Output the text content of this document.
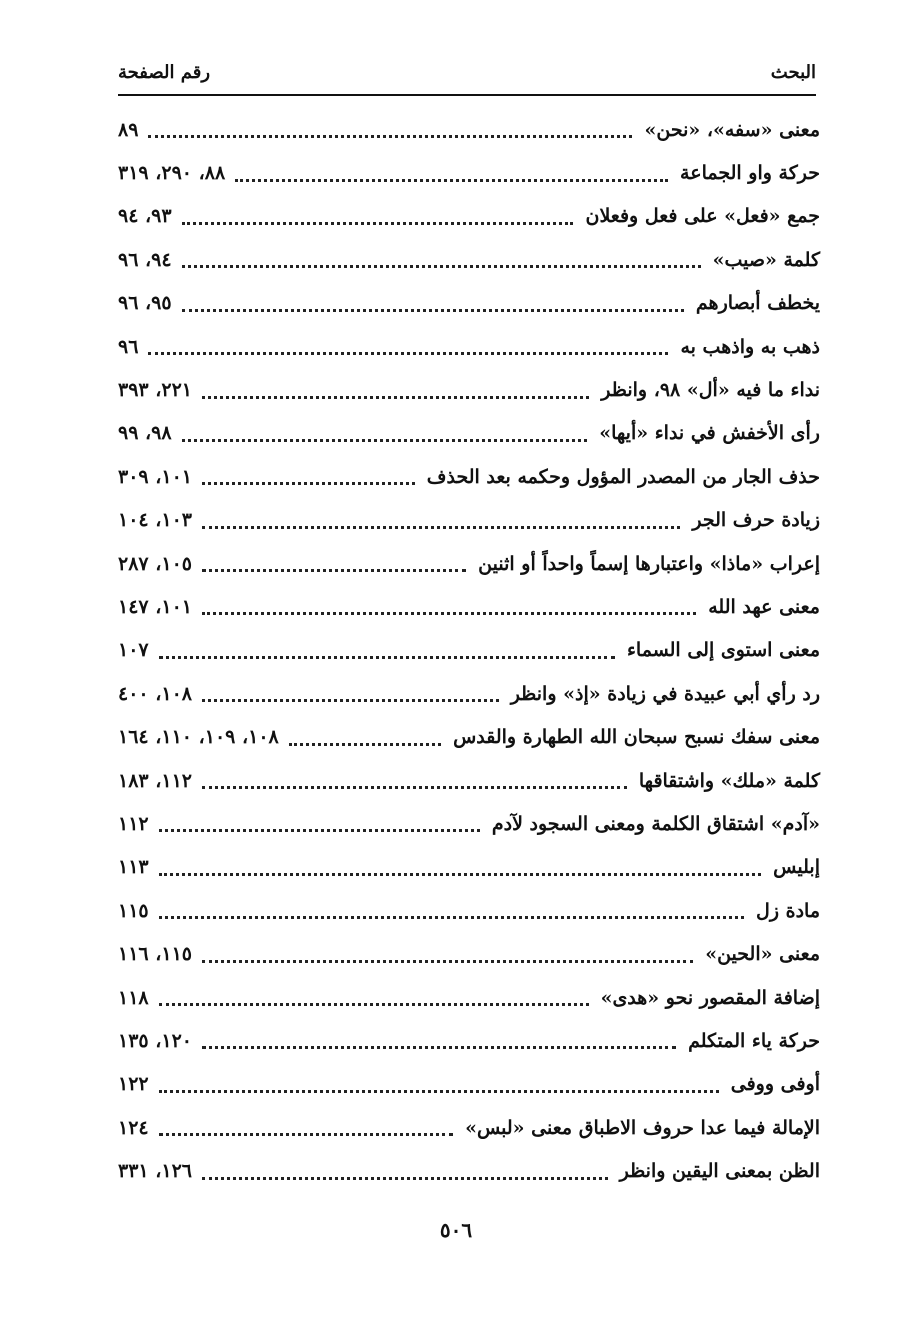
البحث
رقم الصفحة
معنى «سفه»، «نحن»
٨٩
حركة واو الجماعة
٨٨، ٢٩٠، ٣١٩
جمع «فعل» على فعل وفعلان
٩٣، ٩٤
كلمة «صيب»
٩٤، ٩٦
يخطف أبصارهم
٩٥، ٩٦
ذهب به واذهب به
٩٦
نداء ما فيه «أل» ٩٨، وانظر
٢٢١، ٣٩٣
رأى الأخفش في نداء «أيها»
٩٨، ٩٩
حذف الجار من المصدر المؤول وحكمه بعد الحذف
١٠١، ٣٠٩
زيادة حرف الجر
١٠٣، ١٠٤
إعراب «ماذا» واعتبارها إسماً واحداً أو اثنين
١٠٥، ٢٨٧
معنى عهد الله
١٠١، ١٤٧
معنى استوى إلى السماء
١٠٧
رد رأي أبي عبيدة في زيادة «إذ» وانظر
١٠٨، ٤٠٠
معنى سفك نسبح سبحان الله الطهارة والقدس
١٠٨، ١٠٩، ١١٠، ١٦٤
كلمة «ملك» واشتقاقها
١١٢، ١٨٣
«آدم» اشتقاق الكلمة ومعنى السجود لآدم
١١٢
إبليس
١١٣
مادة زل
١١٥
معنى «الحين»
١١٥، ١١٦
إضافة المقصور نحو «هدى»
١١٨
حركة ياء المتكلم
١٢٠، ١٣٥
أوفى ووفى
١٢٢
الإمالة فيما عدا حروف الاطباق معنى «لبس»
١٢٤
الظن بمعنى اليقين وانظر
١٢٦، ٣٣١
٥٠٦
